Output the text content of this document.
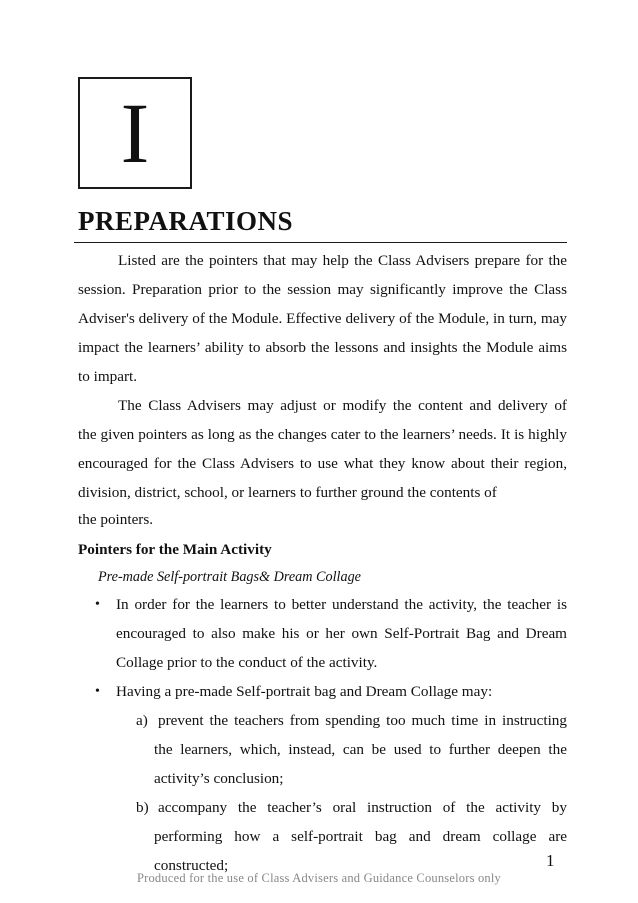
I
PREPARATIONS
Listed are the pointers that may help the Class Advisers prepare for the
session. Preparation prior to the session may significantly improve the Class
Adviser's delivery of the Module. Effective delivery of the Module, in turn, may
impact the learners’ ability to absorb the lessons and insights the Module aims
to impart.
The Class Advisers may adjust or modify the content and delivery of
the given pointers as long as the changes cater to the learners’ needs. It is highly
encouraged for the Class Advisers to use what they know about their region,
division, district, school, or learners to further ground the contents of
the pointers.
Pointers for the Main Activity
Pre-made Self-portrait Bags& Dream Collage
• In order for the learners to better understand the activity, the teacher is
encouraged to also make his or her own Self-Portrait Bag and Dream
Collage prior to the conduct of the activity.
• Having a pre-made Self-portrait bag and Dream Collage may:
a) prevent the teachers from spending too much time in instructing
the learners, which, instead, can be used to further deepen the
activity’s conclusion;
b) accompany the teacher’s oral instruction of the activity by
performing how a self-portrait bag and dream collage are
constructed;	1
Produced for the use of Class Advisers and Guidance Counselors only
